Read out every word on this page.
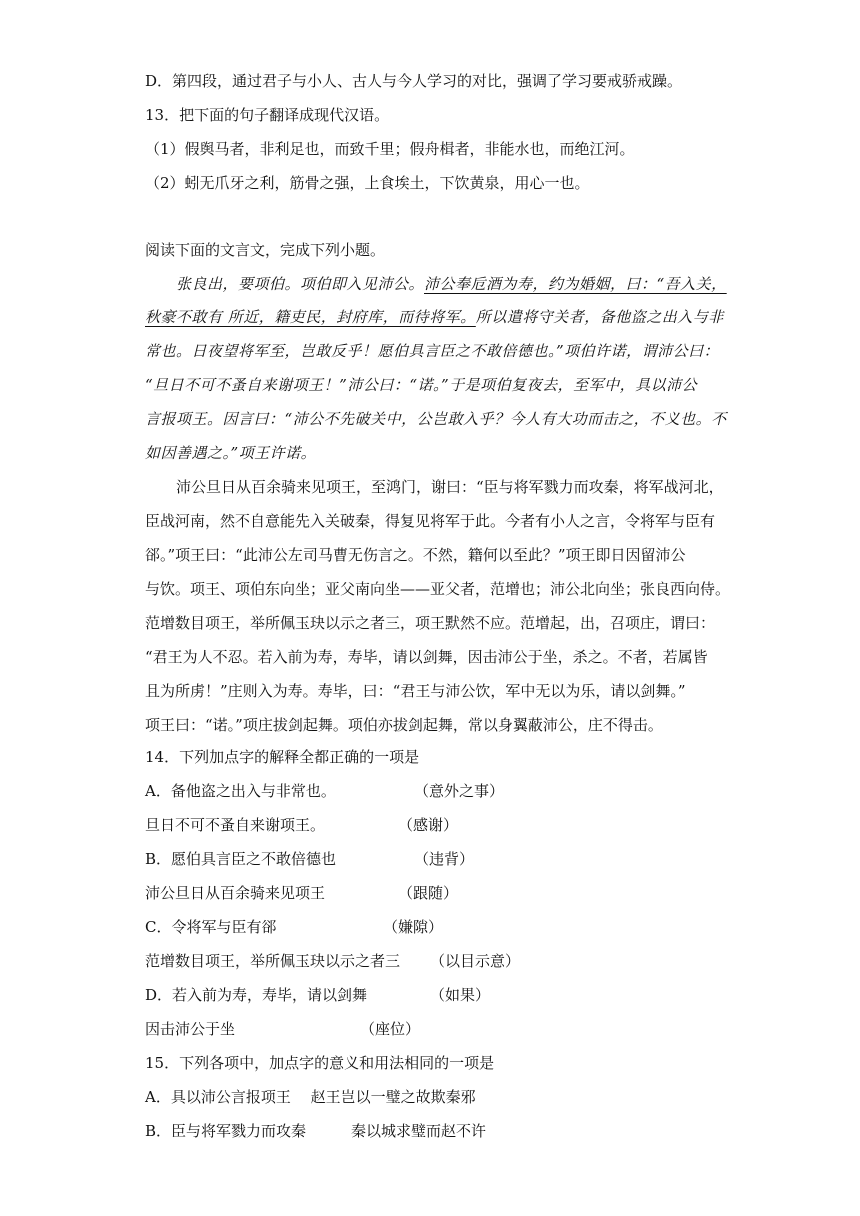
D．第四段，通过君子与小人、古人与今人学习的对比，强调了学习要戒骄戒躁。
13．把下面的句子翻译成现代汉语。
（1）假舆马者，非利足也，而致千里；假舟楫者，非能水也，而绝江河。
（2）蚓无爪牙之利，筋骨之强，上食埃土，下饮黄泉，用心一也。
阅读下面的文言文，完成下列小题。
张良出，要项伯。项伯即入见沛公。沛公奉卮酒为寿，约为婚姻，曰：“吾入关，
秋豪不敢有 所近，籍吏民，封府库，而待将军。所以遣将守关者，备他盗之出入与非
常也。日夜望将军至，岂敢反乎！愿伯具言臣之不敢倍德也。”项伯许诺，谓沛公曰：
“旦日不可不蚤自来谢项王！”沛公曰：“诺。”于是项伯复夜去，至军中，具以沛公
言报项王。因言曰：“沛公不先破关中，公岂敢入乎？今人有大功而击之，不义也。不
如因善遇之。”项王许诺。
沛公旦日从百余骑来见项王，至鸿门，谢曰：“臣与将军戮力而攻秦，将军战河北，
臣战河南，然不自意能先入关破秦，得复见将军于此。今者有小人之言，令将军与臣有
郤。”项王曰：“此沛公左司马曹无伤言之。不然，籍何以至此？”项王即日因留沛公
与饮。项王、项伯东向坐；亚父南向坐——亚父者，范增也；沛公北向坐；张良西向侍。
范增数目项王，举所佩玉玦以示之者三，项王默然不应。范增起，出，召项庄，谓曰：
“君王为人不忍。若入前为寿，寿毕，请以剑舞，因击沛公于坐，杀之。不者，若属皆
且为所虏！”庄则入为寿。寿毕，曰：“君王与沛公饮，军中无以为乐，请以剑舞。”
项王曰：“诺。”项庄拔剑起舞。项伯亦拔剑起舞，常以身翼蔽沛公，庄不得击。
14．下列加点字的解释全都正确的一项是
A．备他盗之出入与非常也。	（意外之事）
旦日不可不蚤自来谢项王。	（感谢）
B．愿伯具言臣之不敢倍德也	（违背）
沛公旦日从百余骑来见项王	（跟随）
C．令将军与臣有郤	（嫌隙）
范增数目项王，举所佩玉玦以示之者三 （以目示意）
D．若入前为寿，寿毕，请以剑舞	（如果）
因击沛公于坐	（座位）
15．下列各项中，加点字的意义和用法相同的一项是
A．具以沛公言报项王　 赵王岂以一璧之故欺秦邪
B．臣与将军戮力而攻秦　　　秦以城求璧而赵不许
